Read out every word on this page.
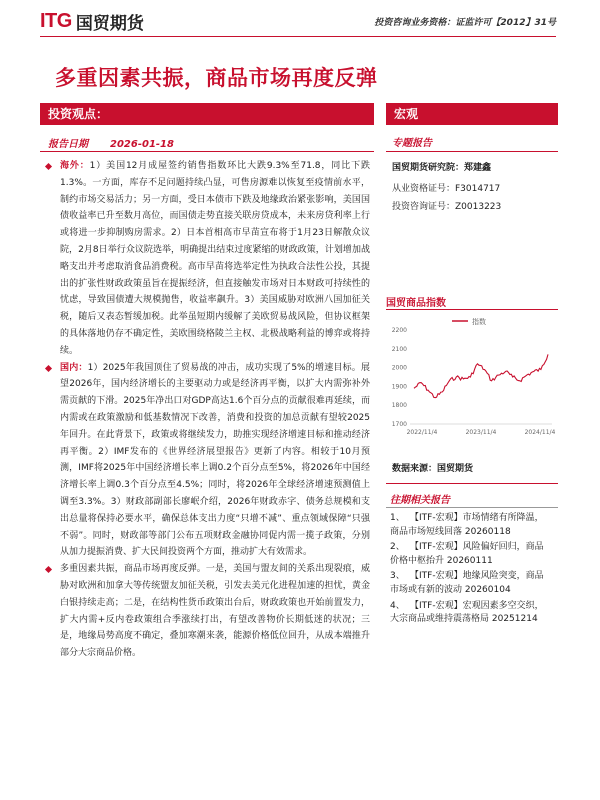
ITG 国贸期货	投资咨询业务资格：证监许可【2012】31号
多重因素共振，商品市场再度反弹
投资观点：
报告日期 2026-01-18
海外：1）美国12月成屋签约销售指数环比大跌9.3%至71.8，同比下跌1.3%。一方面，库存不足问题持续凸显，可售房源难以恢复至疫情前水平，制约市场交易活力；另一方面，受日本债市下跌及地缘政治紧张影响，美国国债收益率已升至数月高位，而国债走势直接关联房贷成本，未来房贷利率上行或将进一步抑制购房需求。2）日本首相高市早苗宣布将于1月23日解散众议院，2月8日举行众议院选举，明确提出结束过度紧缩的财政政策，计划增加战略支出并考虑取消食品消费税。高市早苗将选举定性为执政合法性公投，其提出的扩张性财政政策虽旨在提振经济，但直接触发市场对日本财政可持续性的忧虑，导致国债遭大规模抛售，收益率飙升。3）美国威胁对欧洲八国加征关税，随后又表态暂缓加税。此举虽短期内缓解了美欧贸易战风险，但协议框架的具体落地仍存不确定性，美欧围绕格陵兰主权、北极战略利益的博弈或将持续。
国内：1）2025年我国顶住了贸易战的冲击，成功实现了5%的增速目标。展望2026年，国内经济增长的主要驱动力或是经济再平衡，以扩大内需弥补外需贡献的下滑。2025年净出口对GDP高达1.6个百分点的贡献很难再延续，而内需或在政策激励和低基数情况下改善，消费和投资的加总贡献有望较2025年回升。在此背景下，政策或将继续发力，助推实现经济增速目标和推动经济再平衡。2）IMF发布的《世界经济展望报告》更新了内容。相较于10月预测，IMF将2025年中国经济增长率上调0.2个百分点至5%，将2026年中国经济增长率上调0.3个百分点至4.5%；同时，将2026年全球经济增速预测值上调至3.3%。3）财政部副部长廖岷介绍，2026年财政赤字、债务总规模和支出总量将保持必要水平，确保总体支出力度“只增不减”、重点领域保障“只强不弱”。同时，财政部等部门公布五项财政金融协同促内需一揽子政策，分别从加力提振消费、扩大民间投资两个方面，推动扩大有效需求。
多重因素共振，商品市场再度反弹。一是，美国与盟友间的关系出现裂痕，威胁对欧洲和加拿大等传统盟友加征关税，引发去美元化进程加速的担忧，黄金白银持续走高；二是，在结构性货币政策出台后，财政政策也开始前置发力，扩大内需+反内卷政策组合季涨续打出，有望改善物价长期低迷的状况；三是，地缘局势高度不确定，叠加寒潮来袭，能源价格低位回升，从成本端推升部分大宗商品价格。
宏观
专题报告
国贸期货研究院：郑建鑫
从业资格证号：F3014717
投资咨询证号：Z0013223
国贸商品指数
指数
1700
1800
1900
2000
2100
2200
2022/11/4	2023/11/4	2024/11/4
数据来源：国贸期货
往期相关报告
1、 【ITF-宏观】市场情绪有所降温，商品市场短线回落 20260118
2、 【ITF-宏观】风险偏好回归，商品价格中枢抬升 20260111
3、 【ITF-宏观】地缘风险突变，商品市场或有新的波动 20260104
4、 【ITF-宏观】宏观因素多空交织，大宗商品或维持震荡格局 20251214
